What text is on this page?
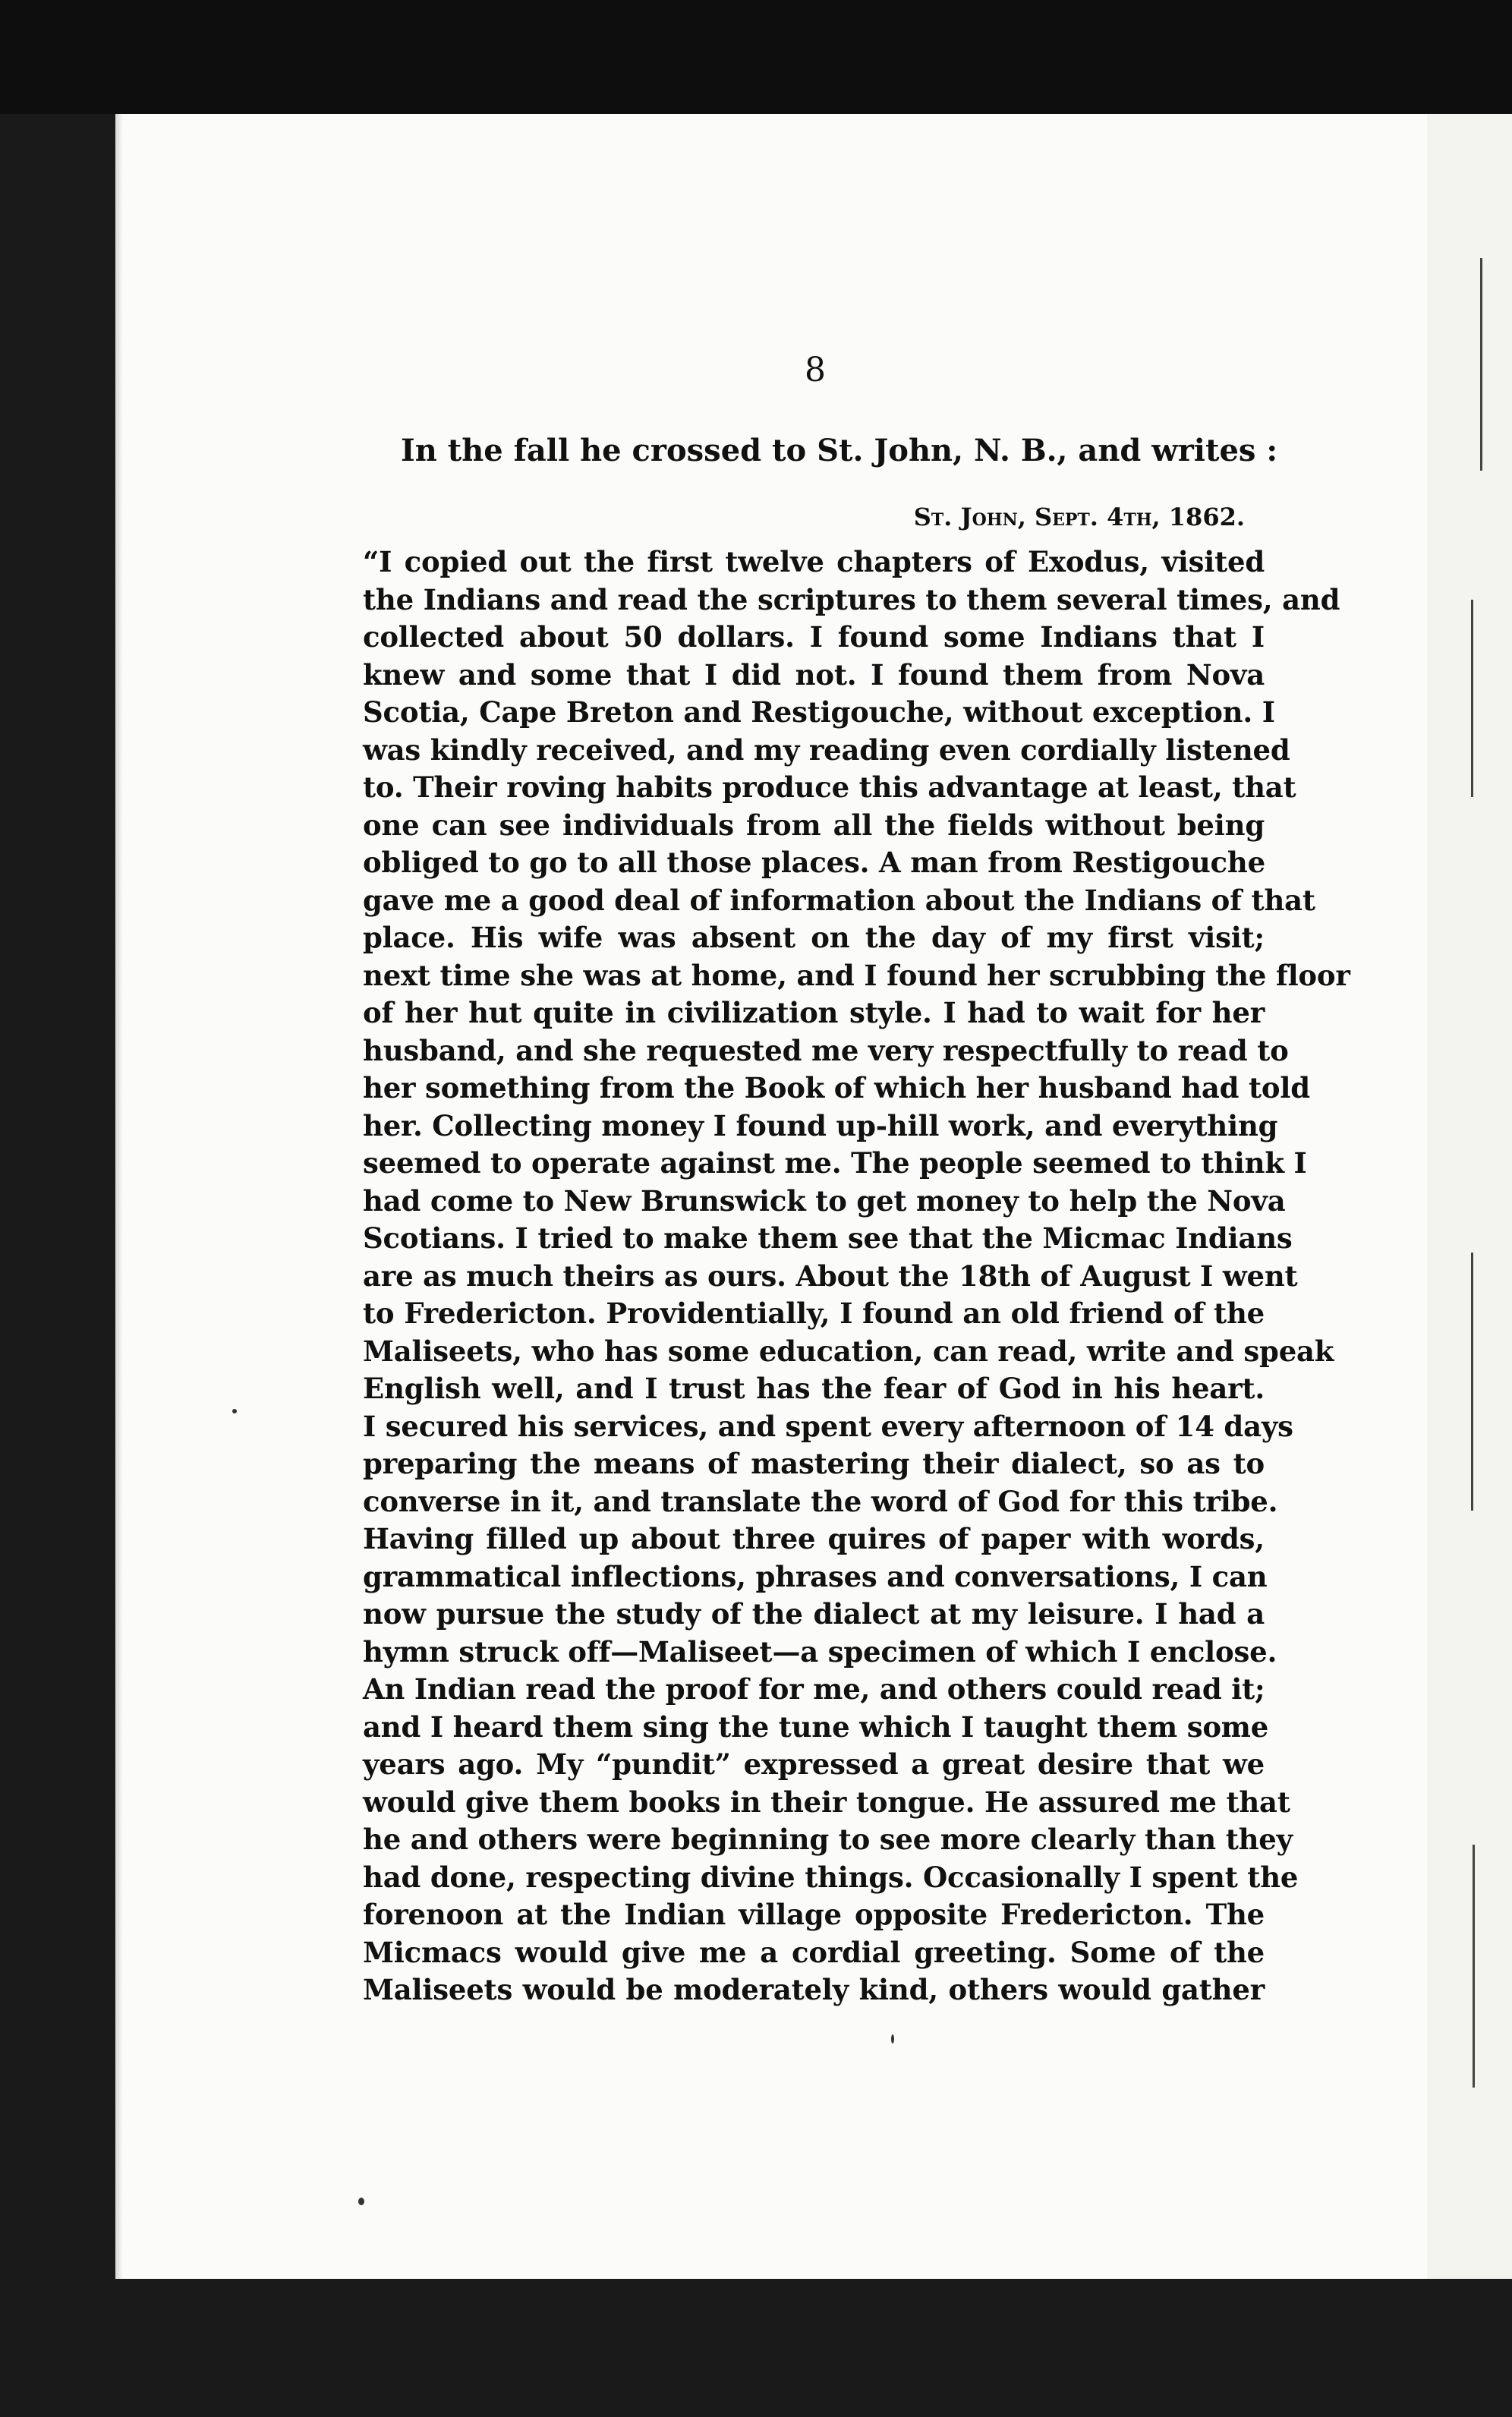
8
In the fall he crossed to St. John, N. B., and writes :
St. John, Sept. 4th, 1862.
“I copied out the first twelve chapters of Exodus, visited
the Indians and read the scriptures to them several times, and
collected about 50 dollars. I found some Indians that I
knew and some that I did not. I found them from Nova
Scotia, Cape Breton and Restigouche, without exception. I
was kindly received, and my reading even cordially listened
to. Their roving habits produce this advantage at least, that
one can see individuals from all the fields without being
obliged to go to all those places. A man from Restigouche
gave me a good deal of information about the Indians of that
place. His wife was absent on the day of my first visit;
next time she was at home, and I found her scrubbing the floor
of her hut quite in civilization style. I had to wait for her
husband, and she requested me very respectfully to read to
her something from the Book of which her husband had told
her. Collecting money I found up-hill work, and everything
seemed to operate against me. The people seemed to think I
had come to New Brunswick to get money to help the Nova
Scotians. I tried to make them see that the Micmac Indians
are as much theirs as ours. About the 18th of August I went
to Fredericton. Providentially, I found an old friend of the
Maliseets, who has some education, can read, write and speak
English well, and I trust has the fear of God in his heart.
I secured his services, and spent every afternoon of 14 days
preparing the means of mastering their dialect, so as to
converse in it, and translate the word of God for this tribe.
Having filled up about three quires of paper with words,
grammatical inflections, phrases and conversations, I can
now pursue the study of the dialect at my leisure. I had a
hymn struck off—Maliseet—a specimen of which I enclose.
An Indian read the proof for me, and others could read it;
and I heard them sing the tune which I taught them some
years ago. My “pundit” expressed a great desire that we
would give them books in their tongue. He assured me that
he and others were beginning to see more clearly than they
had done, respecting divine things. Occasionally I spent the
forenoon at the Indian village opposite Fredericton. The
Micmacs would give me a cordial greeting. Some of the
Maliseets would be moderately kind, others would gather
